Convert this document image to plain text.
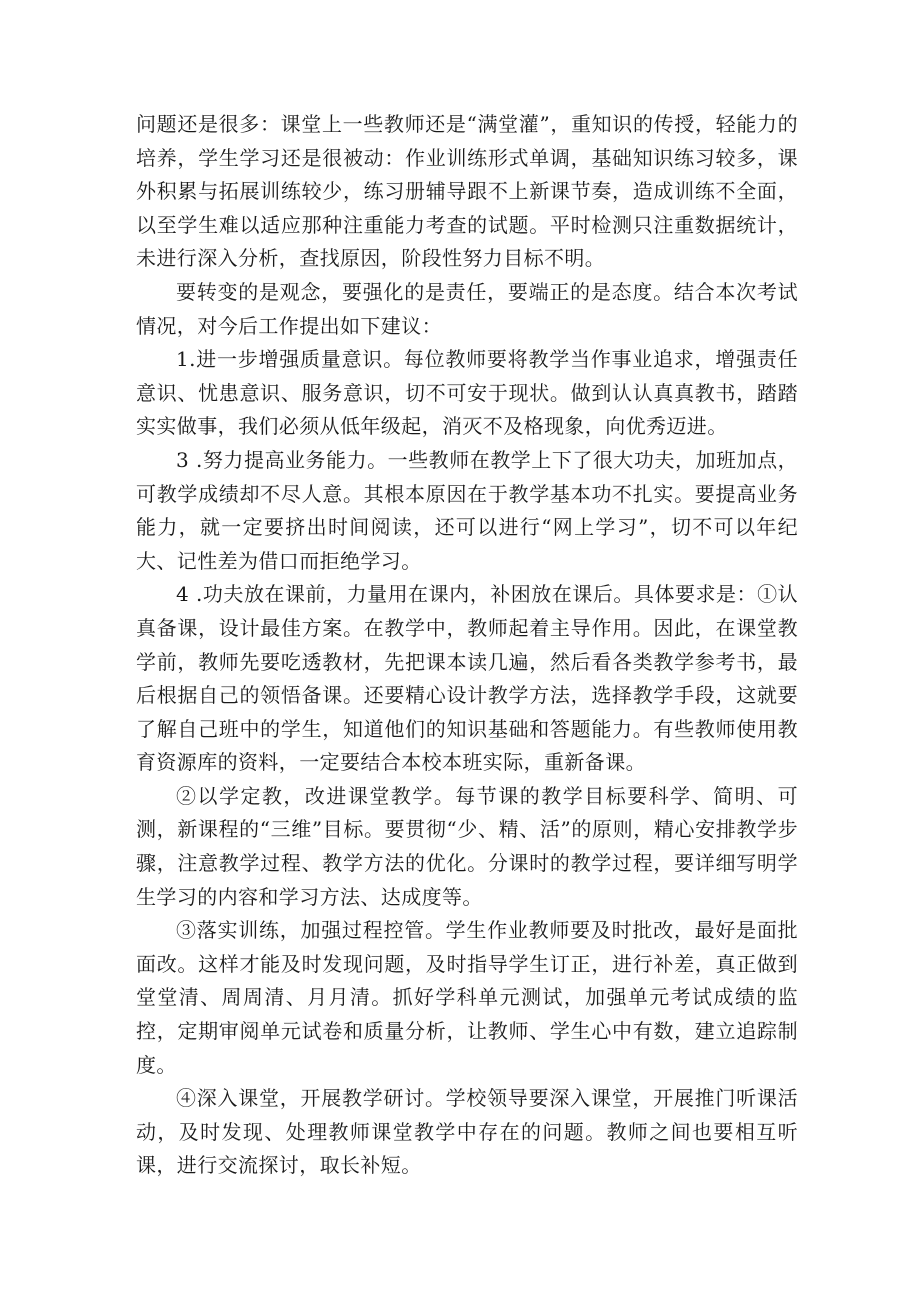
问题还是很多：课堂上一些教师还是“满堂灌”，重知识的传授，轻能力的培养，学生学习还是很被动：作业训练形式单调，基础知识练习较多，课外积累与拓展训练较少，练习册辅导跟不上新课节奏，造成训练不全面，以至学生难以适应那种注重能力考查的试题。平时检测只注重数据统计，未进行深入分析，查找原因，阶段性努力目标不明。

要转变的是观念，要强化的是责任，要端正的是态度。结合本次考试情况，对今后工作提出如下建议：

1.进一步增强质量意识。每位教师要将教学当作事业追求，增强责任意识、忧患意识、服务意识，切不可安于现状。做到认认真真教书，踏踏实实做事，我们必须从低年级起，消灭不及格现象，向优秀迈进。

3 .努力提高业务能力。一些教师在教学上下了很大功夫，加班加点，可教学成绩却不尽人意。其根本原因在于教学基本功不扎实。要提高业务能力，就一定要挤出时间阅读，还可以进行“网上学习”，切不可以年纪大、记性差为借口而拒绝学习。

4 .功夫放在课前，力量用在课内，补困放在课后。具体要求是：①认真备课，设计最佳方案。在教学中，教师起着主导作用。因此，在课堂教学前，教师先要吃透教材，先把课本读几遍，然后看各类教学参考书，最后根据自己的领悟备课。还要精心设计教学方法，选择教学手段，这就要了解自己班中的学生，知道他们的知识基础和答题能力。有些教师使用教育资源库的资料，一定要结合本校本班实际，重新备课。

②以学定教，改进课堂教学。每节课的教学目标要科学、简明、可测，新课程的“三维”目标。要贯彻“少、精、活”的原则，精心安排教学步骤，注意教学过程、教学方法的优化。分课时的教学过程，要详细写明学生学习的内容和学习方法、达成度等。

③落实训练，加强过程控管。学生作业教师要及时批改，最好是面批面改。这样才能及时发现问题，及时指导学生订正，进行补差，真正做到堂堂清、周周清、月月清。抓好学科单元测试，加强单元考试成绩的监控，定期审阅单元试卷和质量分析，让教师、学生心中有数，建立追踪制度。

④深入课堂，开展教学研讨。学校领导要深入课堂，开展推门听课活动，及时发现、处理教师课堂教学中存在的问题。教师之间也要相互听课，进行交流探讨，取长补短。
